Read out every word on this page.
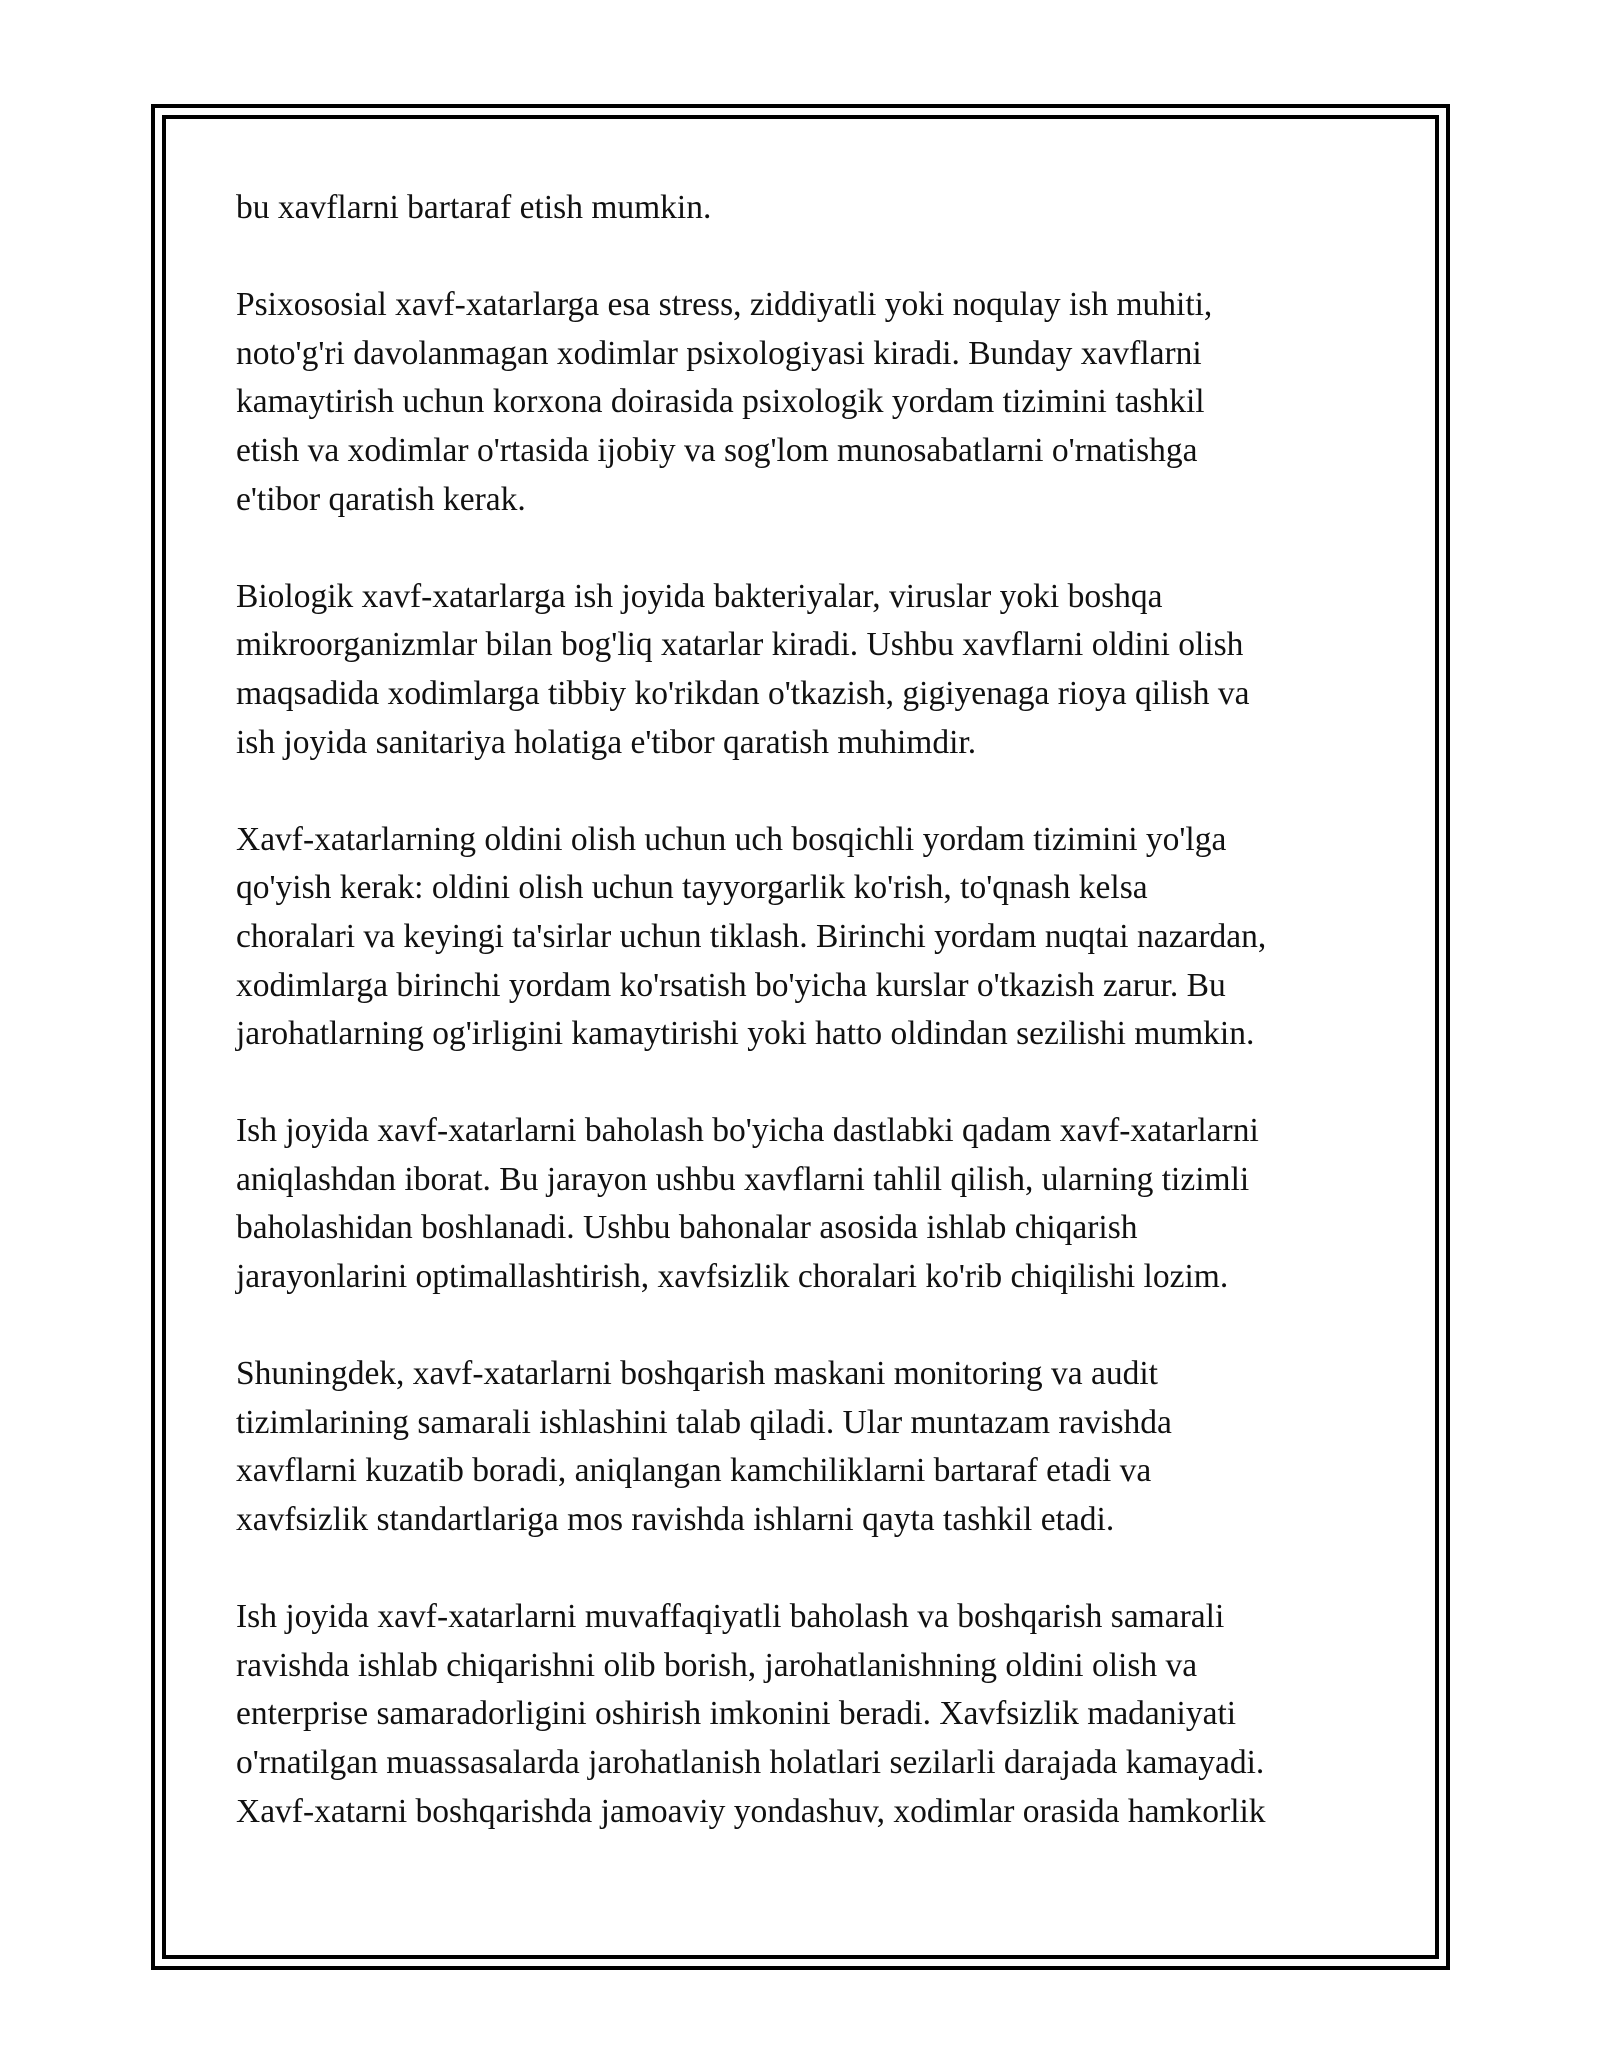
bu xavflarni bartaraf etish mumkin.

Psixososial xavf-xatarlarga esa stress, ziddiyatli yoki noqulay ish muhiti,
noto'g'ri davolanmagan xodimlar psixologiyasi kiradi. Bunday xavflarni
kamaytirish uchun korxona doirasida psixologik yordam tizimini tashkil
etish va xodimlar o'rtasida ijobiy va sog'lom munosabatlarni o'rnatishga
e'tibor qaratish kerak.

Biologik xavf-xatarlarga ish joyida bakteriyalar, viruslar yoki boshqa
mikroorganizmlar bilan bog'liq xatarlar kiradi. Ushbu xavflarni oldini olish
maqsadida xodimlarga tibbiy ko'rikdan o'tkazish, gigiyenaga rioya qilish va
ish joyida sanitariya holatiga e'tibor qaratish muhimdir.

Xavf-xatarlarning oldini olish uchun uch bosqichli yordam tizimini yo'lga
qo'yish kerak: oldini olish uchun tayyorgarlik ko'rish, to'qnash kelsa
choralari va keyingi ta'sirlar uchun tiklash. Birinchi yordam nuqtai nazardan,
xodimlarga birinchi yordam ko'rsatish bo'yicha kurslar o'tkazish zarur. Bu
jarohatlarning og'irligini kamaytirishi yoki hatto oldindan sezilishi mumkin.

Ish joyida xavf-xatarlarni baholash bo'yicha dastlabki qadam xavf-xatarlarni
aniqlashdan iborat. Bu jarayon ushbu xavflarni tahlil qilish, ularning tizimli
baholashidan boshlanadi. Ushbu bahonalar asosida ishlab chiqarish
jarayonlarini optimallashtirish, xavfsizlik choralari ko'rib chiqilishi lozim.

Shuningdek, xavf-xatarlarni boshqarish maskani monitoring va audit
tizimlarining samarali ishlashini talab qiladi. Ular muntazam ravishda
xavflarni kuzatib boradi, aniqlangan kamchiliklarni bartaraf etadi va
xavfsizlik standartlariga mos ravishda ishlarni qayta tashkil etadi.

Ish joyida xavf-xatarlarni muvaffaqiyatli baholash va boshqarish samarali
ravishda ishlab chiqarishni olib borish, jarohatlanishning oldini olish va
enterprise samaradorligini oshirish imkonini beradi. Xavfsizlik madaniyati
o'rnatilgan muassasalarda jarohatlanish holatlari sezilarli darajada kamayadi.
Xavf-xatarni boshqarishda jamoaviy yondashuv, xodimlar orasida hamkorlik
